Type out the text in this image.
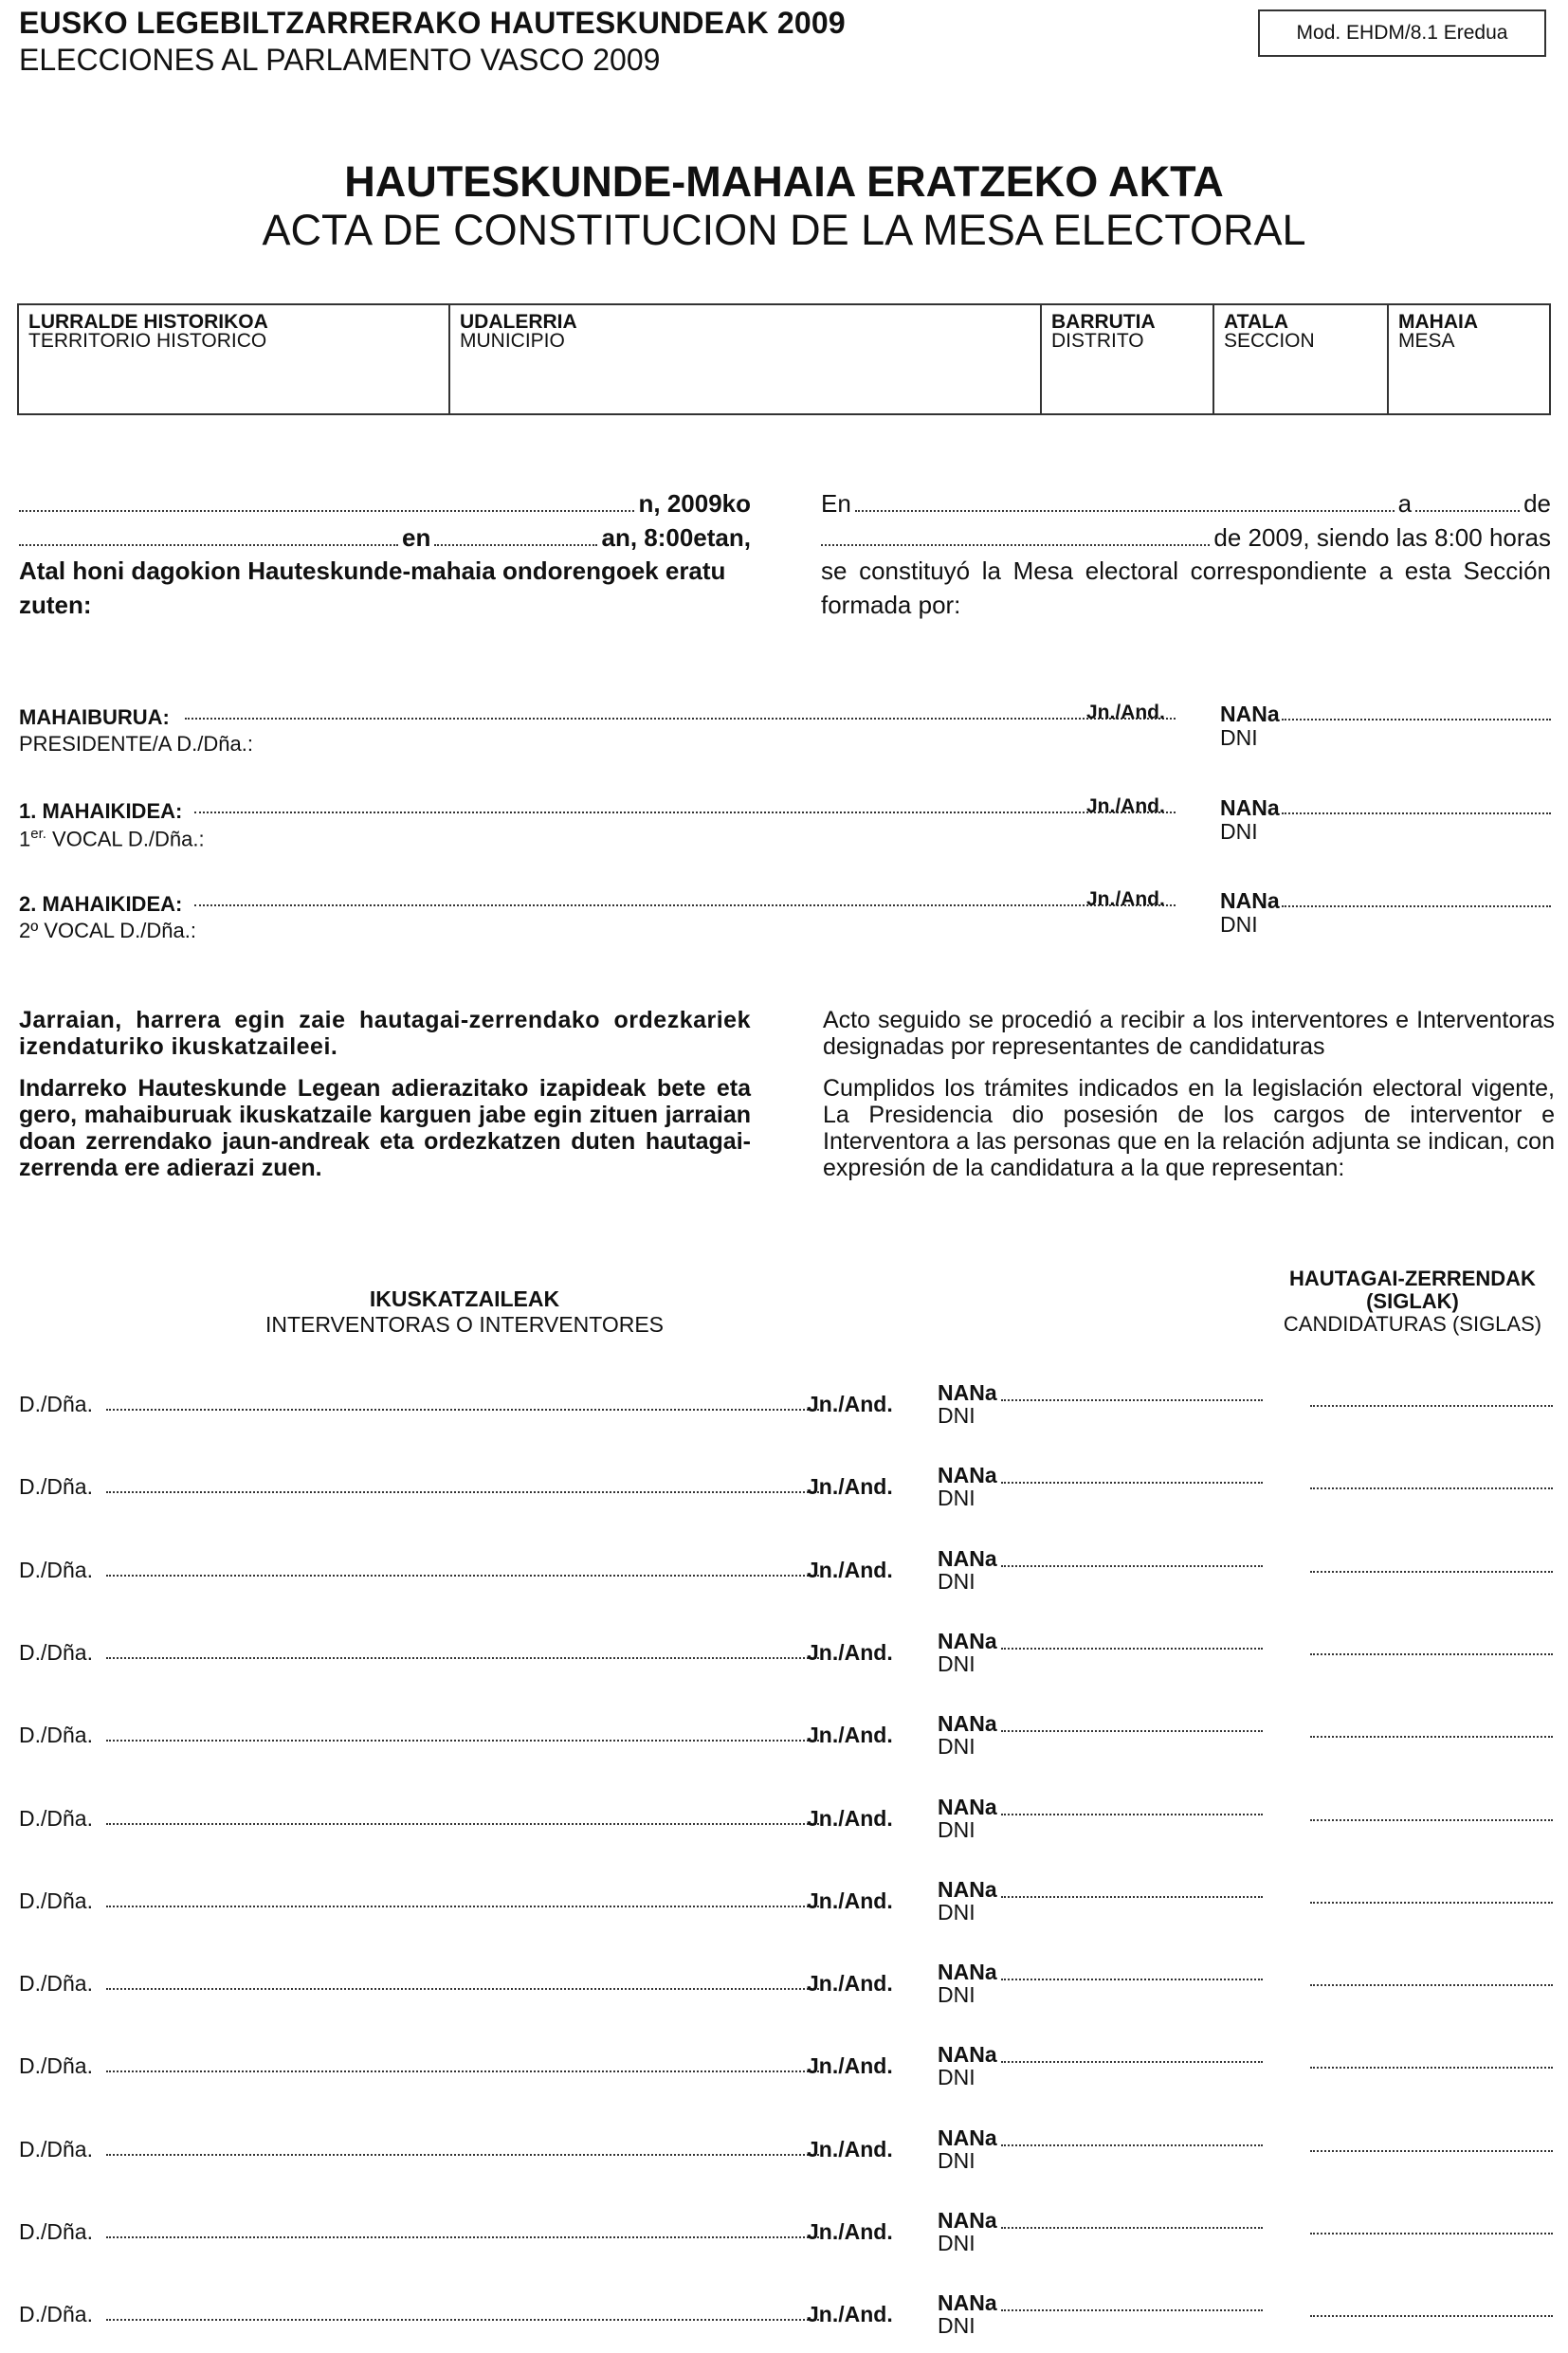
EUSKO LEGEBILTZARRERAKO HAUTESKUNDEAK 2009
ELECCIONES AL PARLAMENTO VASCO 2009
Mod. EHDM/8.1 Eredua
HAUTESKUNDE-MAHAIA ERATZEKO AKTA
ACTA DE CONSTITUCION DE LA MESA ELECTORAL
LURRALDE HISTORIKOA
TERRITORIO HISTORICO
UDALERRIA
MUNICIPIO
BARRUTIA
DISTRITO
ATALA
SECCION
MAHAIA
MESA
n, 2009ko
en	an, 8:00etan,
Atal honi dagokion Hauteskunde-mahaia ondorengoek eratu zuten:
En	a	de
de 2009, siendo las 8:00 horas
se constituyó la Mesa electoral correspondiente a esta Sección formada por:
MAHAIBURUA:
PRESIDENTE/A D./Dña.:
Jn./And.	NANa
DNI
1. MAHAIKIDEA:
$1^{er.}$ VOCAL D./Dña.:
Jn./And.	NANa
DNI
2. MAHAIKIDEA:
2º VOCAL D./Dña.:
Jn./And.	NANa
DNI
Jarraian, harrera egin zaie hautagai-zerrendako ordezkariek izendaturiko ikuskatzaileei.
Indarreko Hauteskunde Legean adierazitako izapideak bete eta gero, mahaiburuak ikuskatzaile karguen jabe egin zituen jarraian doan zerrendako jaun-andreak eta ordezkatzen duten hautagai-zerrenda ere adierazi zuen.
Acto seguido se procedió a recibir a los interventores e Interventoras designadas por representantes de candidaturas
Cumplidos los trámites indicados en la legislación electoral vigente, La Presidencia dio posesión de los cargos de interventor e Interventora a las personas que en la relación adjunta se indican, con expresión de la candidatura a la que representan:
IKUSKATZAILEAK
INTERVENTORAS O INTERVENTORES
HAUTAGAI-ZERRENDAK (SIGLAK)
CANDIDATURAS (SIGLAS)
D./Dña.	Jn./And. NANa
DNI
D./Dña.	Jn./And. NANa
DNI
D./Dña.	Jn./And. NANa
DNI
D./Dña.	Jn./And. NANa
DNI
D./Dña.	Jn./And. NANa
DNI
D./Dña.	Jn./And. NANa
DNI
D./Dña.	Jn./And. NANa
DNI
D./Dña.	Jn./And. NANa
DNI
D./Dña.	Jn./And. NANa
DNI
D./Dña.	Jn./And. NANa
DNI
D./Dña.	Jn./And. NANa
DNI
D./Dña.	Jn./And. NANa
DNI
